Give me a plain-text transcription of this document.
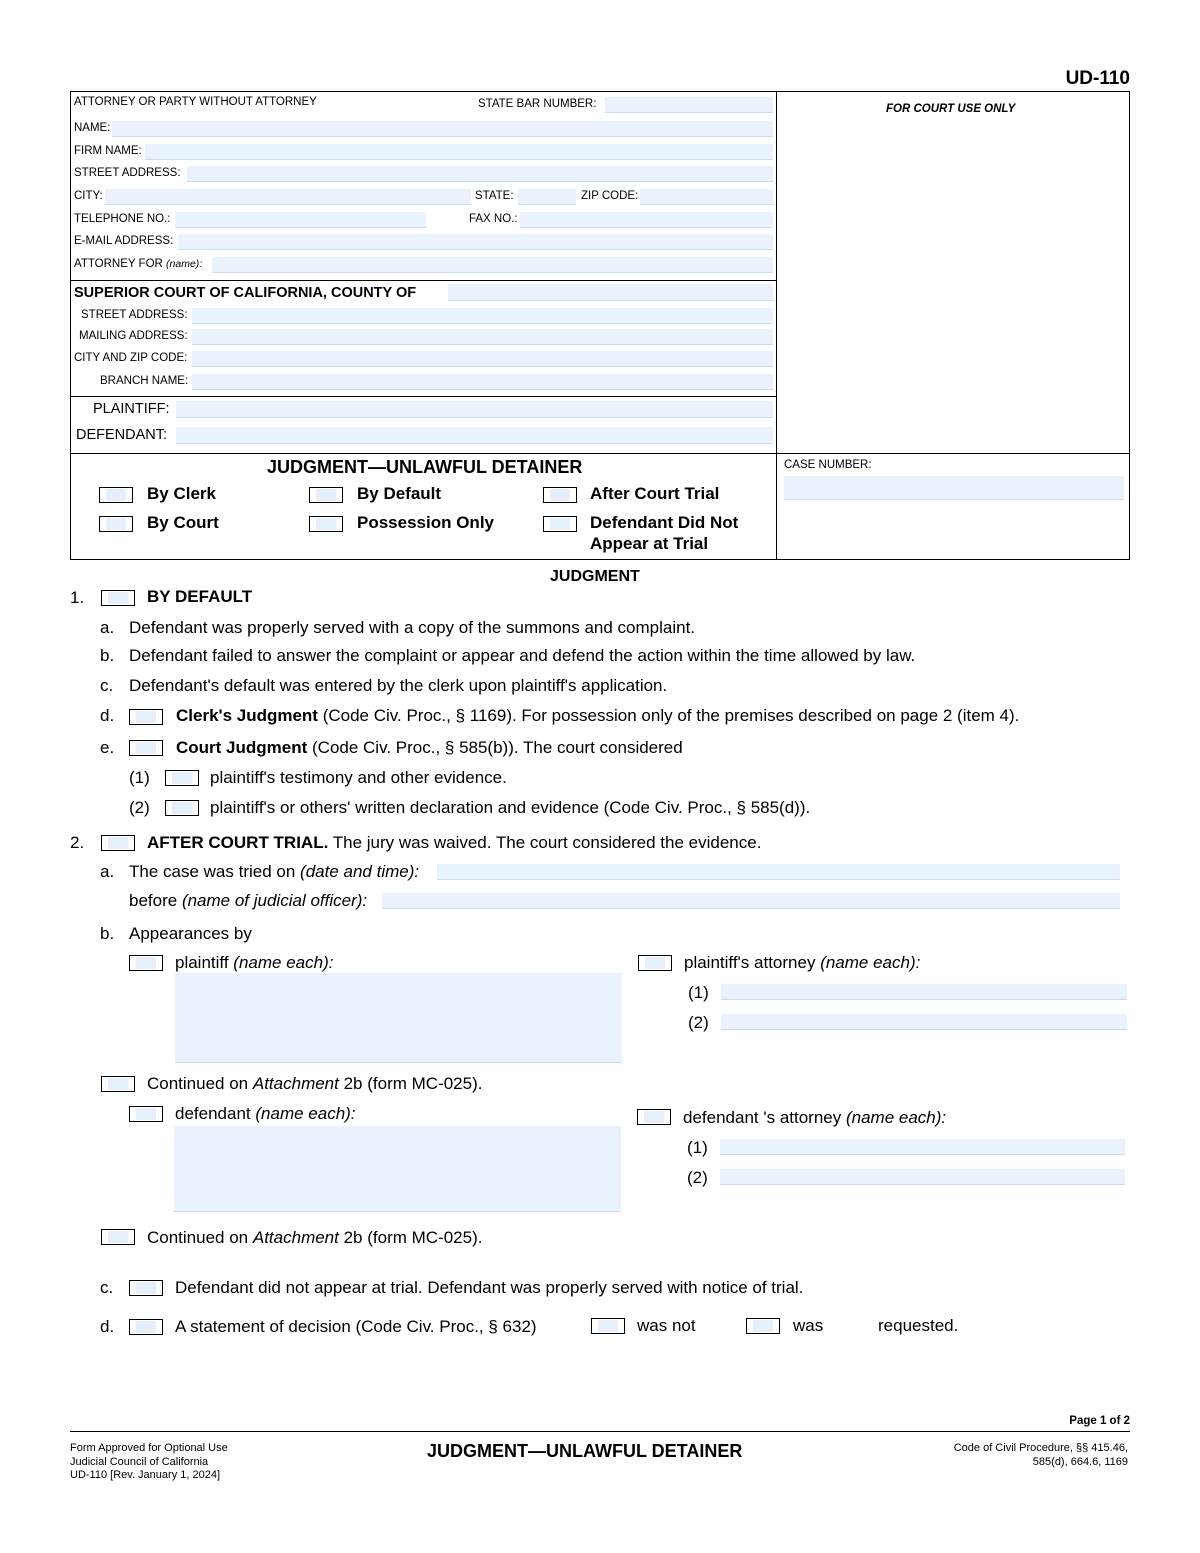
UD-110
ATTORNEY OR PARTY WITHOUT ATTORNEY	STATE BAR NUMBER:
NAME:
FIRM NAME:
STREET ADDRESS:
CITY:	STATE:	ZIP CODE:
TELEPHONE NO.:	FAX NO.:
E-MAIL ADDRESS:
ATTORNEY FOR (name):
SUPERIOR COURT OF CALIFORNIA, COUNTY OF
STREET ADDRESS:
MAILING ADDRESS:
CITY AND ZIP CODE:
BRANCH NAME:
PLAINTIFF:
DEFENDANT:
FOR COURT USE ONLY
JUDGMENT—UNLAWFUL DETAINER
By Clerk	By Default	After Court Trial
By Court	Possession Only	Defendant Did Not
Appear at Trial
CASE NUMBER:
JUDGMENT
1.	BY DEFAULT
a. Defendant was properly served with a copy of the summons and complaint.
b. Defendant failed to answer the complaint or appear and defend the action within the time allowed by law.
c. Defendant's default was entered by the clerk upon plaintiff's application.
d.	Clerk's Judgment (Code Civ. Proc., § 1169). For possession only of the premises described on page 2 (item 4).
e.	Court Judgment (Code Civ. Proc., § 585(b)). The court considered
(1)	plaintiff's testimony and other evidence.
(2)	plaintiff's or others' written declaration and evidence (Code Civ. Proc., § 585(d)).
2.	AFTER COURT TRIAL. The jury was waived. The court considered the evidence.
a. The case was tried on (date and time):
before (name of judicial officer):
b. Appearances by
plaintiff (name each):	plaintiff's attorney (name each):
(1)
(2)
Continued on Attachment 2b (form MC-025).
defendant (name each):	defendant 's attorney (name each):
(1)
(2)
Continued on Attachment 2b (form MC-025).
c.	Defendant did not appear at trial. Defendant was properly served with notice of trial.
d.	A statement of decision (Code Civ. Proc., § 632)	was not	was	requested.
Page 1 of 2
Form Approved for Optional Use
Judicial Council of California
UD-110 [Rev. January 1, 2024]
JUDGMENT—UNLAWFUL DETAINER	Code of Civil Procedure, §§ 415.46,
585(d), 664.6, 1169
